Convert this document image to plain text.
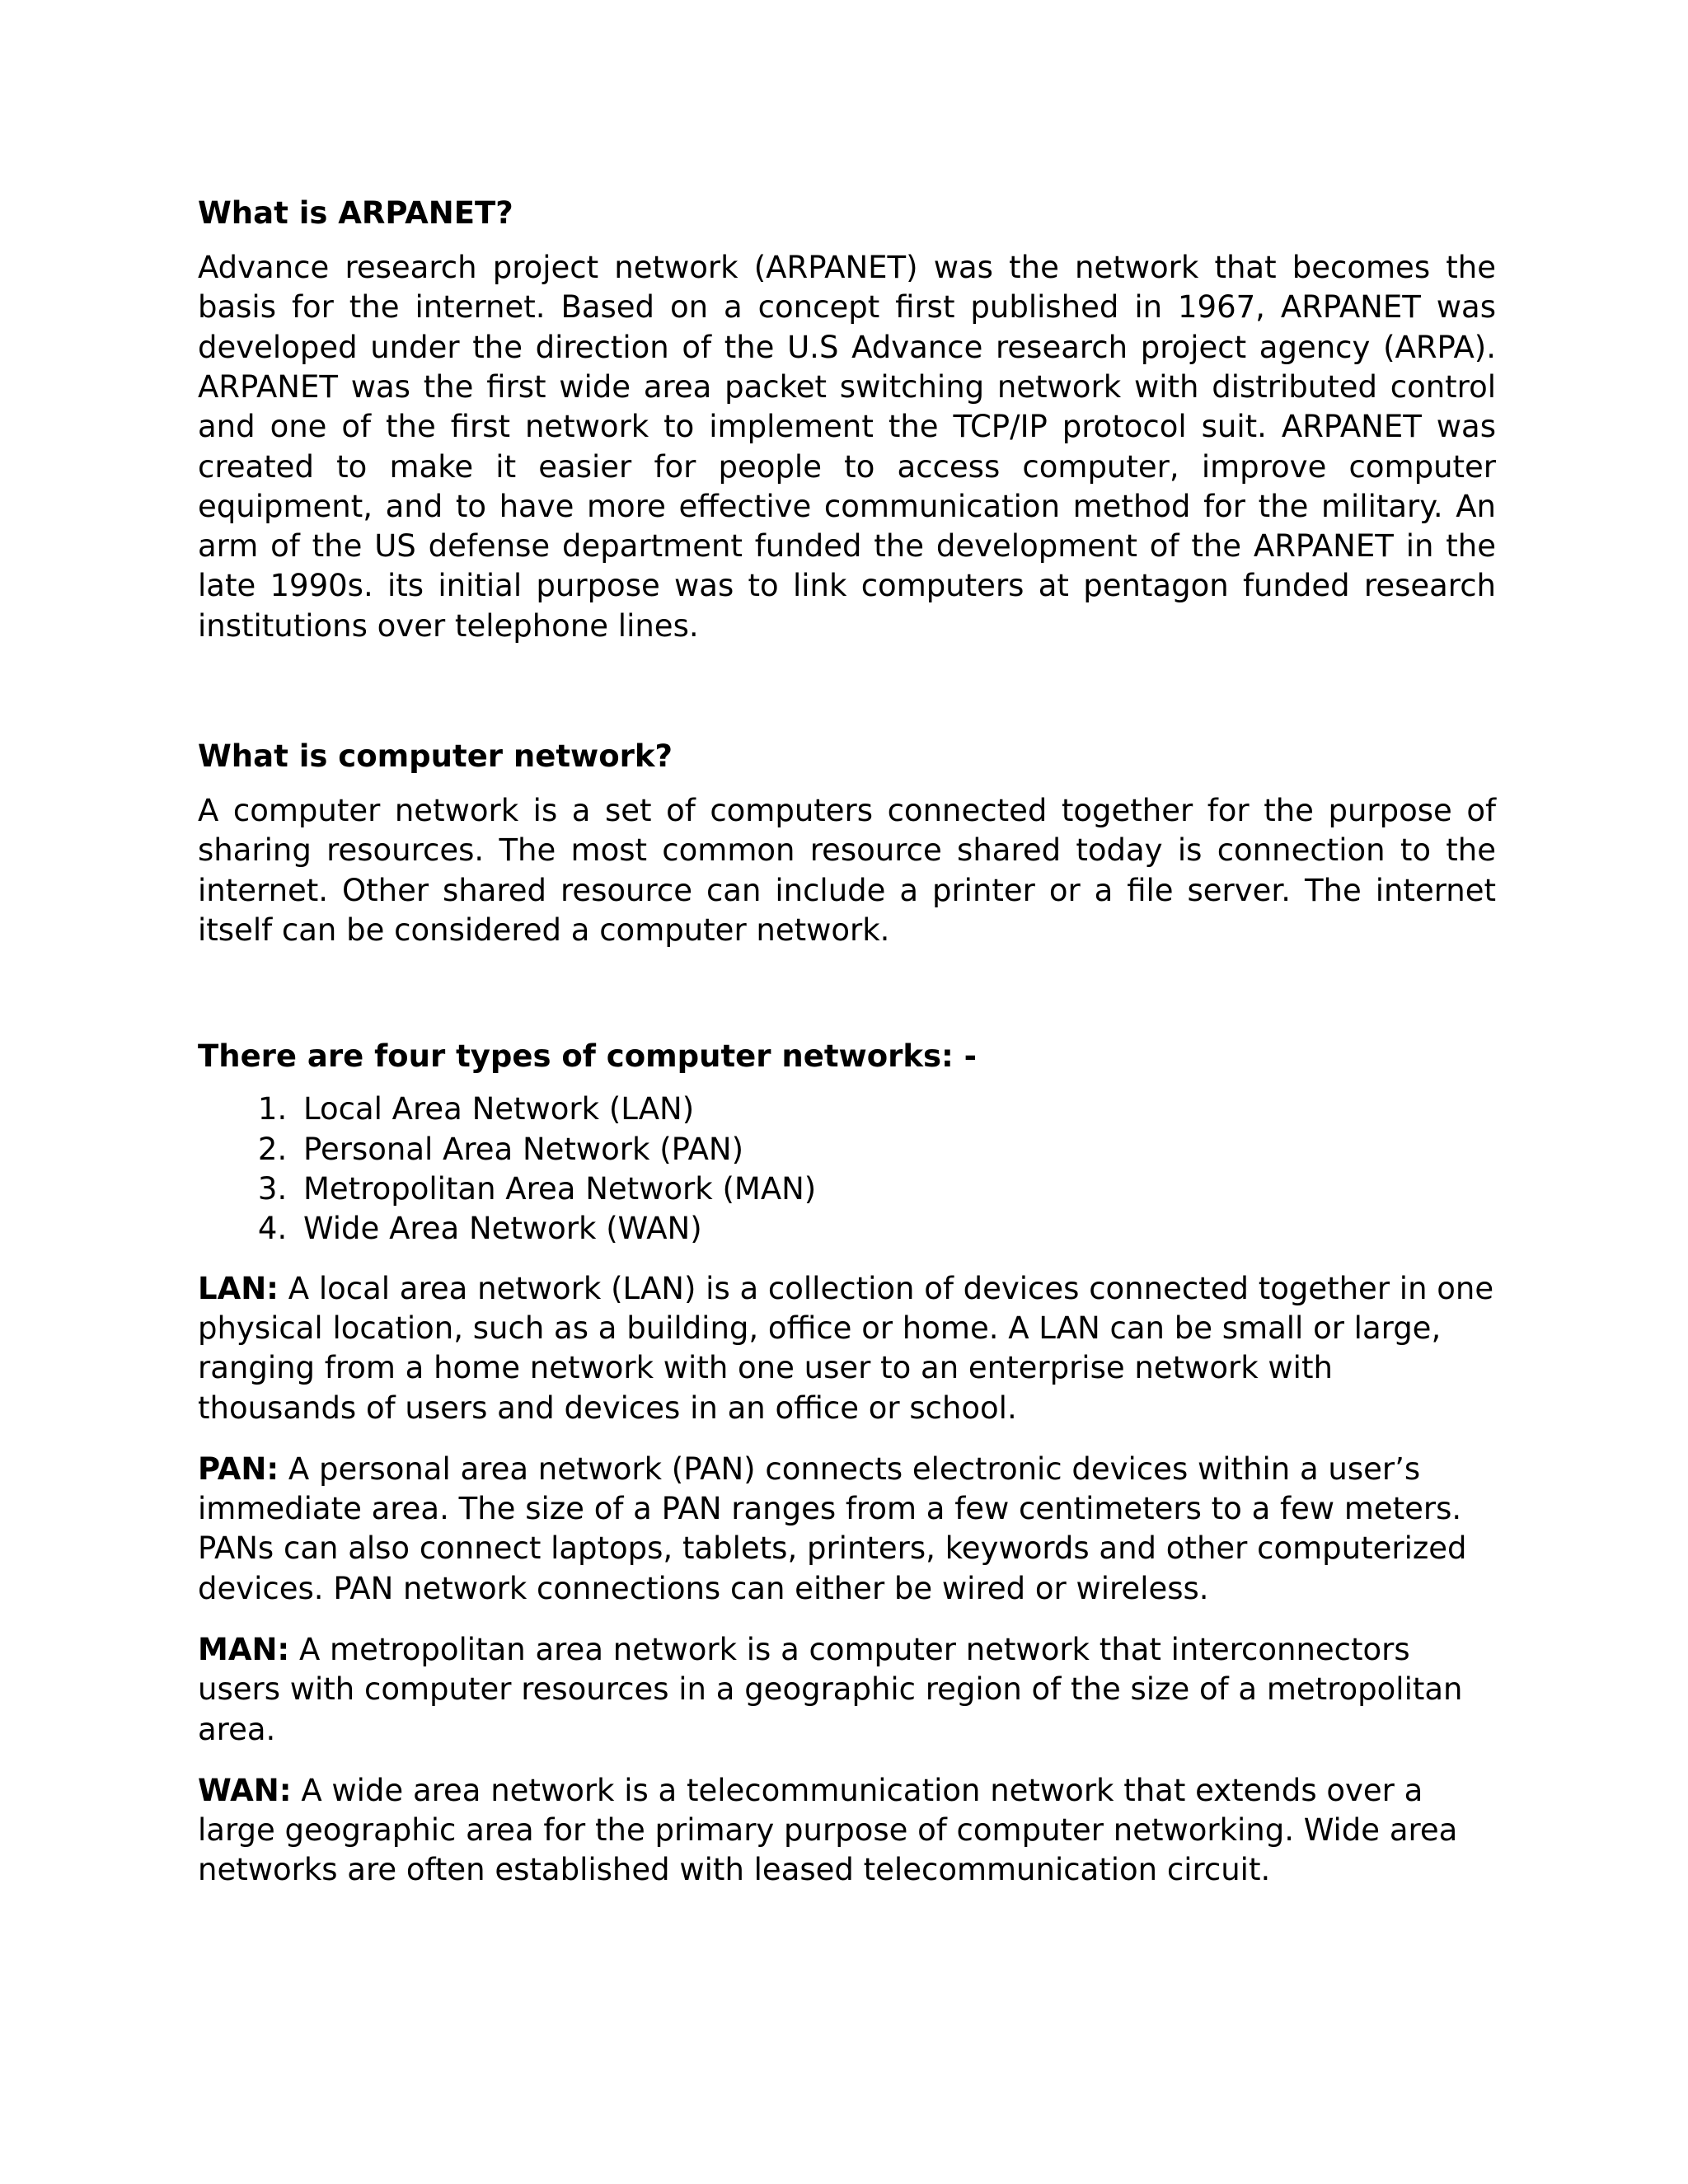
What is ARPANET?

Advance research project network (ARPANET) was the network that becomes the basis for the internet. Based on a concept first published in 1967, ARPANET was developed under the direction of the U.S Advance research project agency (ARPA). ARPANET was the first wide area packet switching network with distributed control and one of the first network to implement the TCP/IP protocol suit. ARPANET was created to make it easier for people to access computer, improve computer equipment, and to have more effective communication method for the military. An arm of the US defense department funded the development of the ARPANET in the late 1990s. its initial purpose was to link computers at pentagon funded research institutions over telephone lines.

What is computer network?

A computer network is a set of computers connected together for the purpose of sharing resources. The most common resource shared today is connection to the internet. Other shared resource can include a printer or a file server. The internet itself can be considered a computer network.

There are four types of computer networks: -
1. Local Area Network (LAN)
2. Personal Area Network (PAN)
3. Metropolitan Area Network (MAN)
4. Wide Area Network (WAN)

LAN: A local area network (LAN) is a collection of devices connected together in one physical location, such as a building, office or home. A LAN can be small or large, ranging from a home network with one user to an enterprise network with thousands of users and devices in an office or school.

PAN: A personal area network (PAN) connects electronic devices within a user’s immediate area. The size of a PAN ranges from a few centimeters to a few meters. PANs can also connect laptops, tablets, printers, keywords and other computerized devices. PAN network connections can either be wired or wireless.

MAN: A metropolitan area network is a computer network that interconnectors users with computer resources in a geographic region of the size of a metropolitan area.

WAN: A wide area network is a telecommunication network that extends over a large geographic area for the primary purpose of computer networking. Wide area networks are often established with leased telecommunication circuit.
